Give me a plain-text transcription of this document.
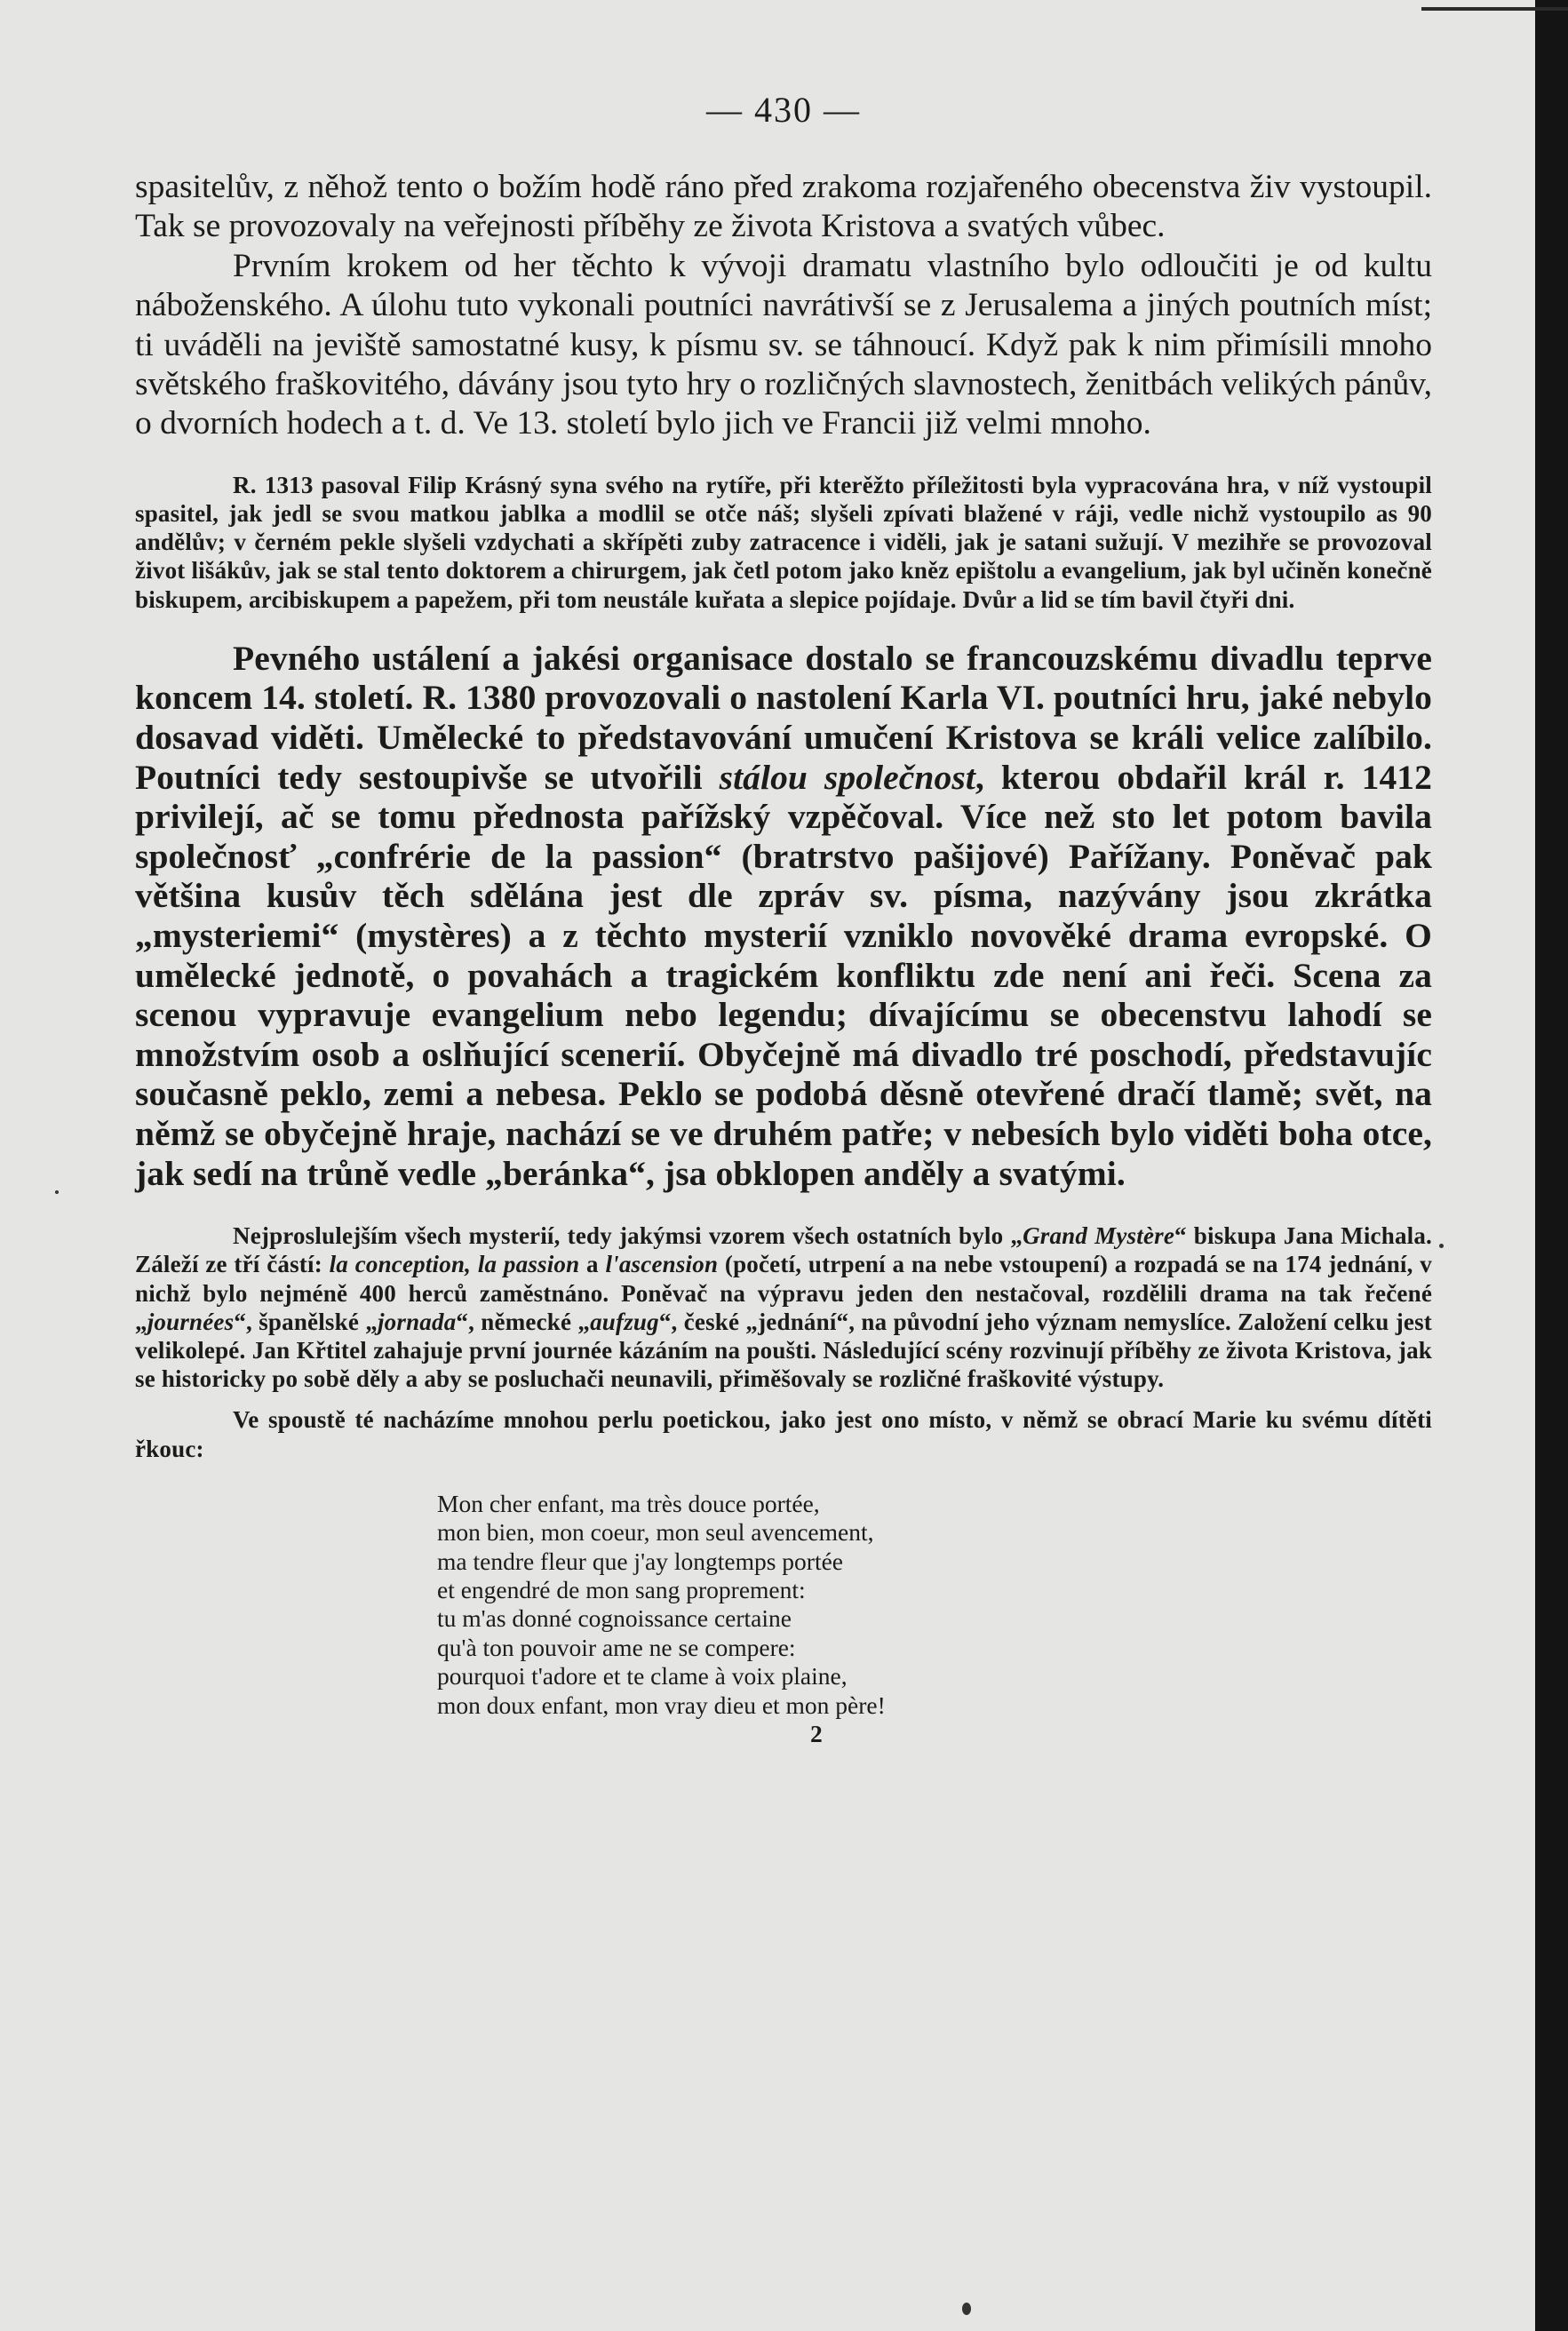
— 430 —

spasitelův, z něhož tento o božím hodě ráno před zrakoma rozjařeného obecenstva živ vystoupil. Tak se provozovaly na veřejnosti příběhy ze života Kristova a svatých vůbec.

Prvním krokem od her těchto k vývoji dramatu vlastního bylo odloučiti je od kultu náboženského. A úlohu tuto vykonali poutníci navrátivší se z Jerusalema a jiných poutních míst; ti uváděli na jeviště samostatné kusy, k písmu sv. se táhnoucí. Když pak k nim přimísili mnoho světského fraškovitého, dávány jsou tyto hry o rozličných slavnostech, ženitbách velikých pánův, o dvorních hodech a t. d. Ve 13. století bylo jich ve Francii již velmi mnoho.

R. 1313 pasoval Filip Krásný syna svého na rytíře, při kterěžto příležitosti byla vypracována hra, v níž vystoupil spasitel, jak jedl se svou matkou jablka a modlil se otče náš; slyšeli zpívati blažené v ráji, vedle nichž vystoupilo as 90 andělův; v černém pekle slyšeli vzdychati a skřípěti zuby zatracence i viděli, jak je satani sužují. V mezihře se provozoval život lišákův, jak se stal tento doktorem a chirurgem, jak četl potom jako kněz epištolu a evangelium, jak byl učiněn konečně biskupem, arcibiskupem a papežem, při tom neustále kuřata a slepice pojídaje. Dvůr a lid se tím bavil čtyři dni.

Pevného ustálení a jakési organisace dostalo se francouzskému divadlu teprve koncem 14. století. R. 1380 provozovali o nastolení Karla VI. poutníci hru, jaké nebylo dosavad viděti. Umělecké to představování umučení Kristova se králi velice zalíbilo. Poutníci tedy sestoupivše se utvořili stálou společnost, kterou obdařil král r. 1412 privilejí, ač se tomu přednosta pařížský vzpěčoval. Více než sto let potom bavila společnosť „confrérie de la passion“ (bratrstvo pašijové) Pařížany. Poněvač pak většina kusův těch sdělána jest dle zpráv sv. písma, nazývány jsou zkrátka „mysteriemi“ (mystères) a z těchto mysterií vzniklo novověké drama evropské. O umělecké jednotě, o povahách a tragickém konfliktu zde není ani řeči. Scena za scenou vypravuje evangelium nebo legendu; dívajícímu se obecenstvu lahodí se množstvím osob a oslňující scenerií. Obyčejně má divadlo tré poschodí, představujíc současně peklo, zemi a nebesa. Peklo se podobá děsně otevřené dračí tlamě; svět, na němž se obyčejně hraje, nachází se ve druhém patře; v nebesích bylo viděti boha otce, jak sedí na trůně vedle „beránka“, jsa obklopen anděly a svatými.

Nejproslulejším všech mysterií, tedy jakýmsi vzorem všech ostatních bylo „Grand Mystère“ biskupa Jana Michala. Záleží ze tří částí: la conception, la passion a l'ascension (početí, utrpení a na nebe vstoupení) a rozpadá se na 174 jednání, v nichž bylo nejméně 400 herců zaměstnáno. Poněvač na výpravu jeden den nestačoval, rozdělili drama na tak řečené „journées“, španělské „jornada“, německé „aufzug“, české „jednání“, na původní jeho význam nemyslíce. Založení celku jest velikolepé. Jan Křtitel zahajuje první journée kázáním na poušti. Následující scény rozvinují příběhy ze života Kristova, jak se historicky po sobě děly a aby se posluchači neunavili, přiměšovaly se rozličné fraškovité výstupy.

Ve spoustě té nacházíme mnohou perlu poetickou, jako jest ono místo, v němž se obrací Marie ku svému dítěti řkouc:

Mon cher enfant, ma très douce portée,
mon bien, mon coeur, mon seul avencement,
ma tendre fleur que j'ay longtemps portée
et engendré de mon sang proprement:
tu m'as donné cognoissance certaine
qu'à ton pouvoir ame ne se compere:
pourquoi t'adore et te clame à voix plaine,
mon doux enfant, mon vray dieu et mon père!
2
